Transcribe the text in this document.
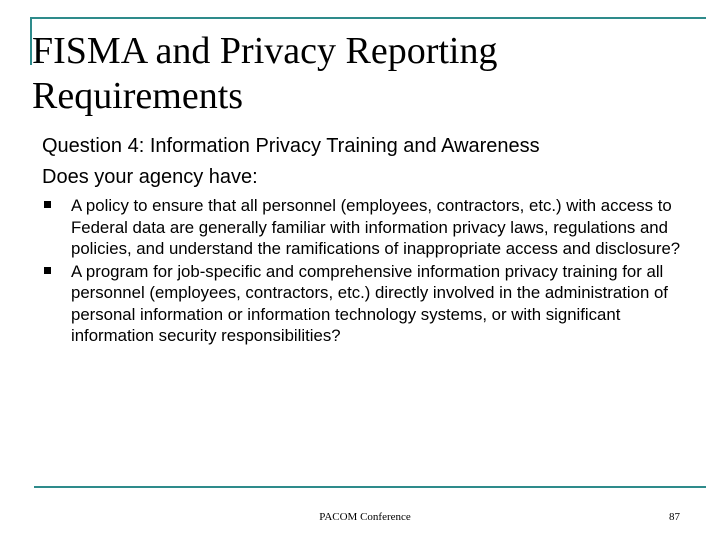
FISMA and Privacy Reporting Requirements

Question 4: Information Privacy Training and Awareness

Does your agency have:

A policy to ensure that all personnel (employees, contractors, etc.) with access to Federal data are generally familiar with information privacy laws, regulations and policies, and understand the ramifications of inappropriate access and disclosure?
A program for job-specific and comprehensive information privacy training for all personnel (employees, contractors, etc.) directly involved in the administration of personal information or information technology systems, or with significant information security responsibilities?
PACOM Conference	87
